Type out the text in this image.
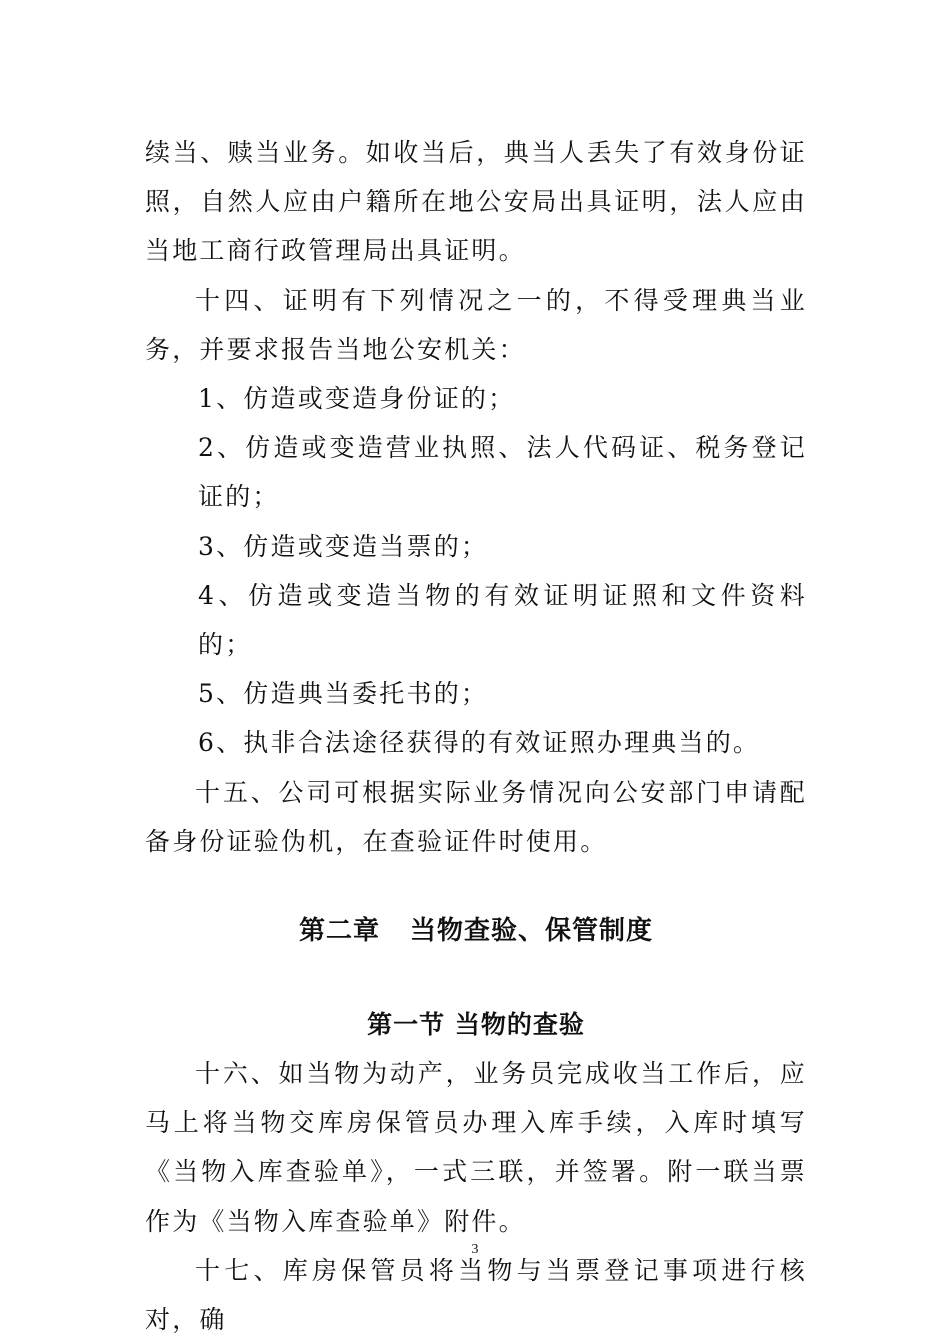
续当、赎当业务。如收当后，典当人丢失了有效身份证照，自然人应由户籍所在地公安局出具证明，法人应由当地工商行政管理局出具证明。

十四、证明有下列情况之一的，不得受理典当业务，并要求报告当地公安机关：

1、仿造或变造身份证的；

2、仿造或变造营业执照、法人代码证、税务登记证的；

3、仿造或变造当票的；

4、仿造或变造当物的有效证明证照和文件资料的；

5、仿造典当委托书的；

6、执非合法途径获得的有效证照办理典当的。

十五、公司可根据实际业务情况向公安部门申请配备身份证验伪机，在查验证件时使用。

第二章 当物查验、保管制度
第一节 当物的查验

十六、如当物为动产，业务员完成收当工作后，应马上将当物交库房保管员办理入库手续，入库时填写《当物入库查验单》，一式三联，并签署。附一联当票作为《当物入库查验单》附件。

十七、库房保管员将当物与当票登记事项进行核对，确

3
